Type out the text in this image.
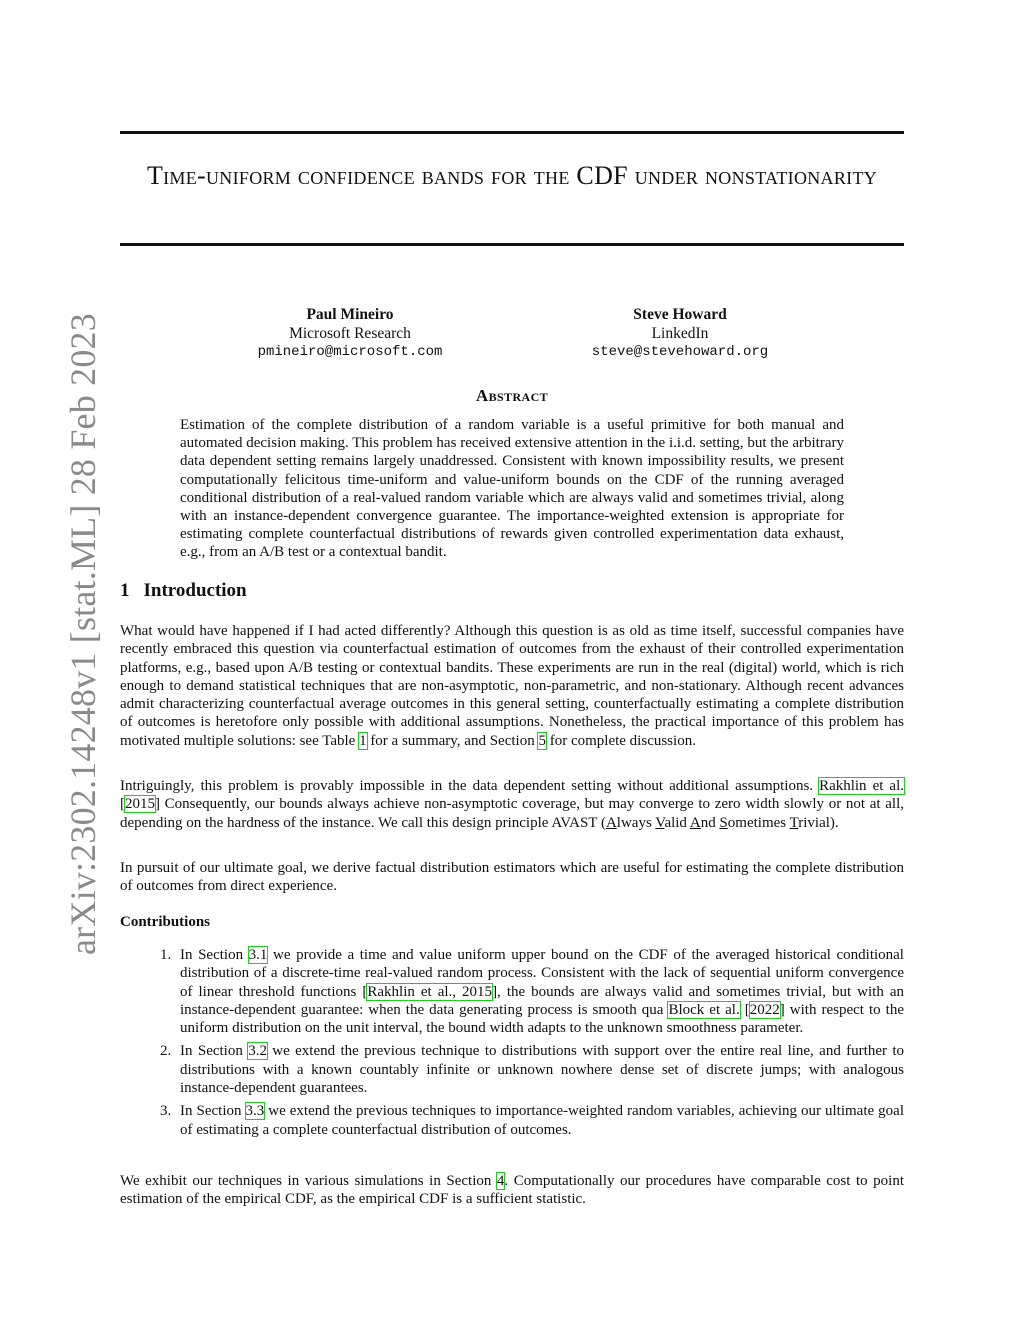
arXiv:2302.14248v1 [stat.ML] 28 Feb 2023
Time-uniform confidence bands for the CDF under nonstationarity
Paul Mineiro
Microsoft Research
pmineiro@microsoft.com
Steve Howard
LinkedIn
steve@stevehoward.org
Abstract

Estimation of the complete distribution of a random variable is a useful primitive for both manual and automated decision making. This problem has received extensive attention in the i.i.d. setting, but the arbitrary data dependent setting remains largely unaddressed. Consistent with known impossibility results, we present computationally felicitous time-uniform and value-uniform bounds on the CDF of the running averaged conditional distribution of a real-valued random variable which are always valid and sometimes trivial, along with an instance-dependent convergence guarantee. The importance-weighted extension is appropriate for estimating complete counterfactual distributions of rewards given controlled experimentation data exhaust, e.g., from an A/B test or a contextual bandit.

1 Introduction

What would have happened if I had acted differently? Although this question is as old as time itself, successful companies have recently embraced this question via counterfactual estimation of outcomes from the exhaust of their controlled experimentation platforms, e.g., based upon A/B testing or contextual bandits. These experiments are run in the real (digital) world, which is rich enough to demand statistical techniques that are non-asymptotic, non-parametric, and non-stationary. Although recent advances admit characterizing counterfactual average outcomes in this general setting, counterfactually estimating a complete distribution of outcomes is heretofore only possible with additional assumptions. Nonetheless, the practical importance of this problem has motivated multiple solutions: see Table 1 for a summary, and Section 5 for complete discussion.

Intriguingly, this problem is provably impossible in the data dependent setting without additional assumptions. Rakhlin et al. [2015] Consequently, our bounds always achieve non-asymptotic coverage, but may converge to zero width slowly or not at all, depending on the hardness of the instance. We call this design principle AVAST (Always Valid And Sometimes Trivial).

In pursuit of our ultimate goal, we derive factual distribution estimators which are useful for estimating the complete distribution of outcomes from direct experience.

Contributions
1. In Section 3.1 we provide a time and value uniform upper bound on the CDF of the averaged historical conditional distribution of a discrete-time real-valued random process. Consistent with the lack of sequential uniform convergence of linear threshold functions [Rakhlin et al., 2015], the bounds are always valid and sometimes trivial, but with an instance-dependent guarantee: when the data generating process is smooth qua Block et al. [2022] with respect to the uniform distribution on the unit interval, the bound width adapts to the unknown smoothness parameter.
2. In Section 3.2 we extend the previous technique to distributions with support over the entire real line, and further to distributions with a known countably infinite or unknown nowhere dense set of discrete jumps; with analogous instance-dependent guarantees.
3. In Section 3.3 we extend the previous techniques to importance-weighted random variables, achieving our ultimate goal of estimating a complete counterfactual distribution of outcomes.

We exhibit our techniques in various simulations in Section 4. Computationally our procedures have comparable cost to point estimation of the empirical CDF, as the empirical CDF is a sufficient statistic.
